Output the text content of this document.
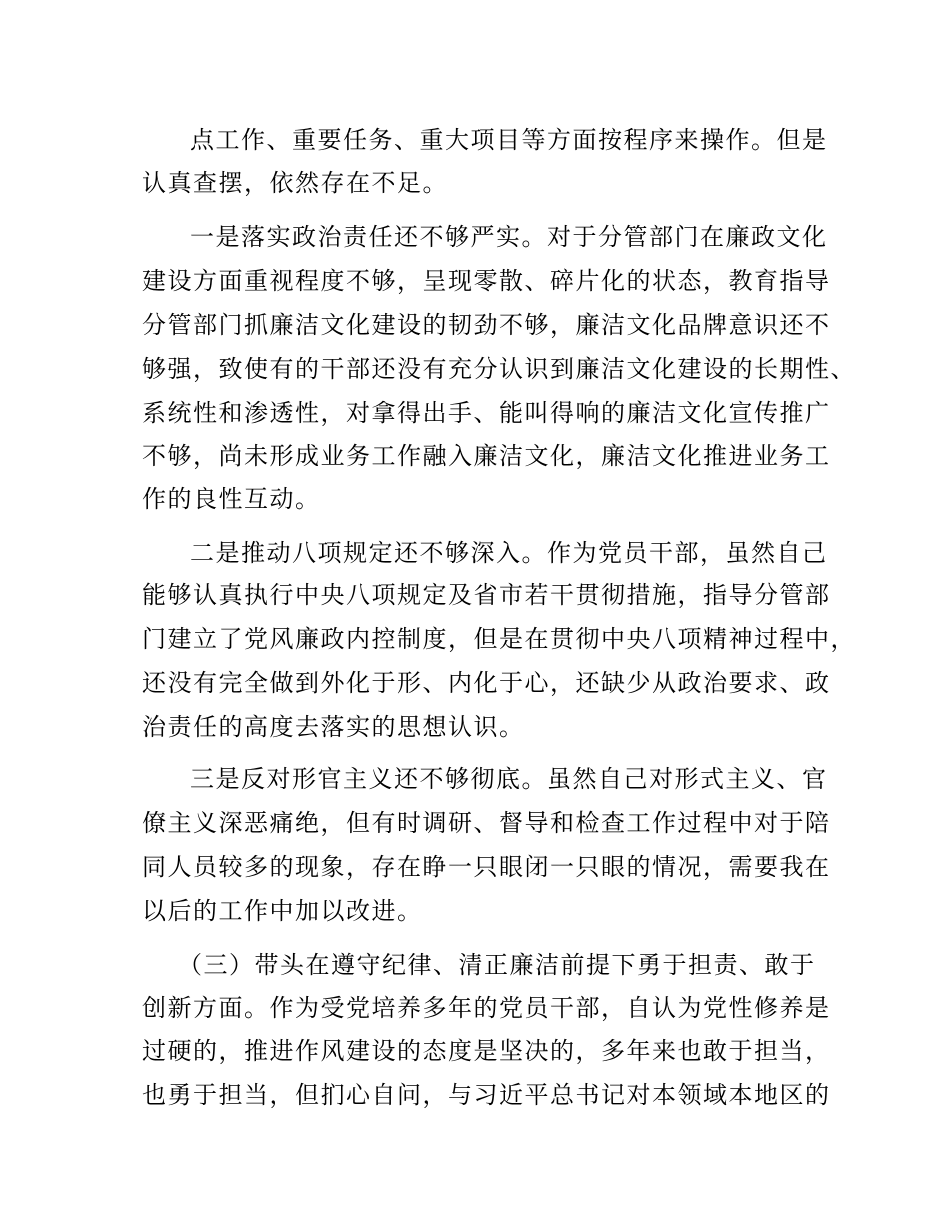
点工作、重要任务、重大项目等方面按程序来操作。但是
认真查摆，依然存在不足。
一是落实政治责任还不够严实。对于分管部门在廉政文化
建设方面重视程度不够，呈现零散、碎片化的状态，教育指导
分管部门抓廉洁文化建设的韧劲不够，廉洁文化品牌意识还不
够强，致使有的干部还没有充分认识到廉洁文化建设的长期性、
系统性和渗透性，对拿得出手、能叫得响的廉洁文化宣传推广
不够，尚未形成业务工作融入廉洁文化，廉洁文化推进业务工
作的良性互动。
二是推动八项规定还不够深入。作为党员干部，虽然自己
能够认真执行中央八项规定及省市若干贯彻措施，指导分管部
门建立了党风廉政内控制度，但是在贯彻中央八项精神过程中，
还没有完全做到外化于形、内化于心，还缺少从政治要求、政
治责任的高度去落实的思想认识。
三是反对形官主义还不够彻底。虽然自己对形式主义、官
僚主义深恶痛绝，但有时调研、督导和检查工作过程中对于陪
同人员较多的现象，存在睁一只眼闭一只眼的情况，需要我在
以后的工作中加以改进。
（三）带头在遵守纪律、清正廉洁前提下勇于担责、敢于
创新方面。作为受党培养多年的党员干部，自认为党性修养是
过硬的，推进作风建设的态度是坚决的，多年来也敢于担当，
也勇于担当，但扪心自问，与习近平总书记对本领域本地区的
